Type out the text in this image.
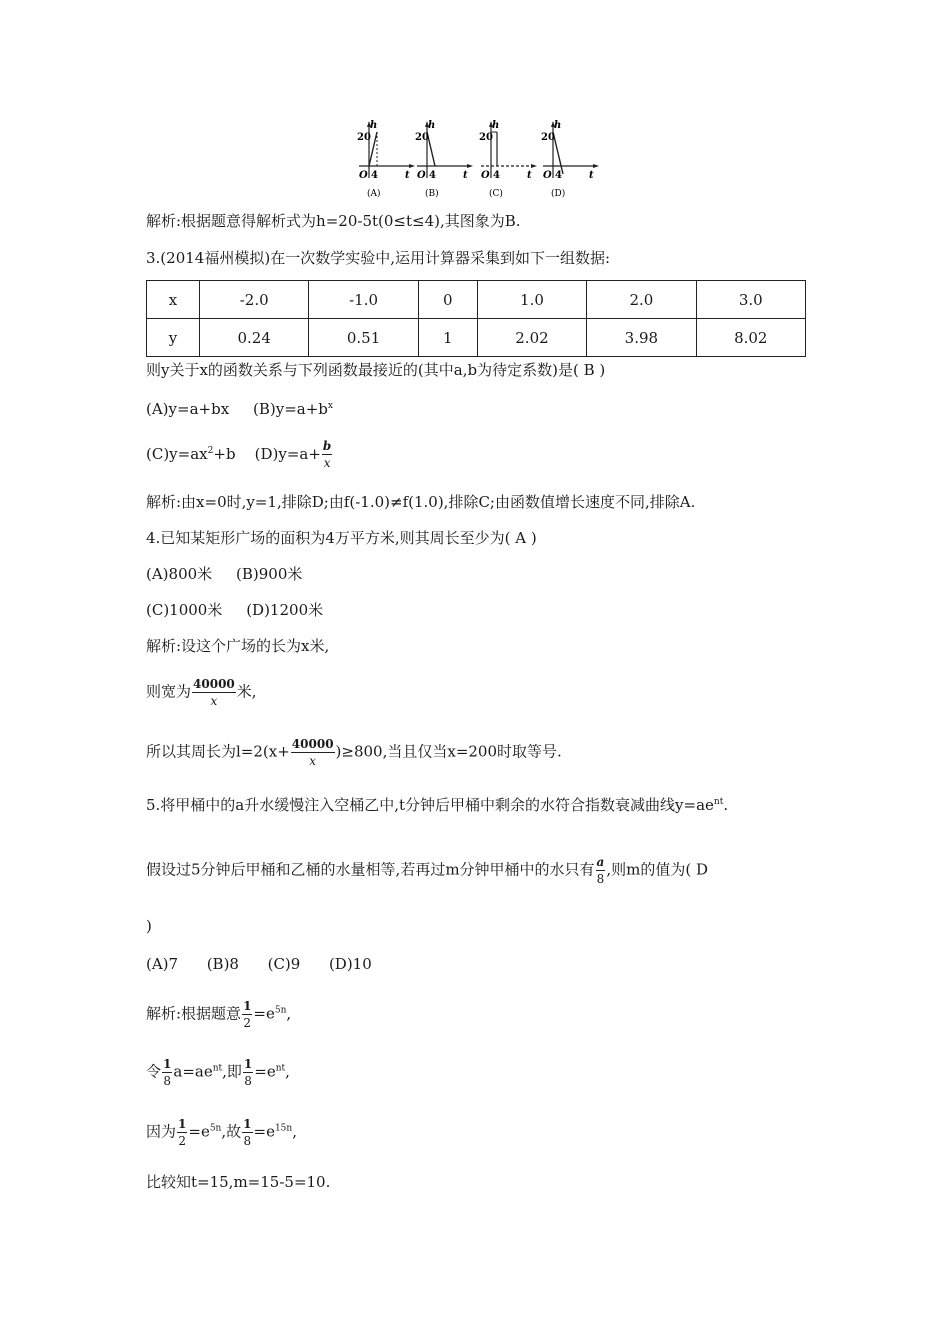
h
20
O 4	t
(A)
h
20
O 4	t
(B)
h
20
O 4	t
(C)
h
20
O 4	t
(D)
解析:根据题意得解析式为h=20-5t(0≤t≤4),其图象为B.
3.(2014福州模拟)在一次数学实验中,运用计算器采集到如下一组数据:
x	-2.0	-1.0	0	1.0	2.0	3.0
y	0.24	0.51	1	2.02	3.98	8.02
则y关于x的函数关系与下列函数最接近的(其中a,b为待定系数)是( B )
(A)y=a+bx $(B)y=a+b^x$
$(C)y=ax^2+b$ $(D)y=a+ \frac{b}{x}$
解析:由x=0时,y=1,排除D;由f(-1.0)≠f(1.0),排除C;由函数值增长速度不同,排除A.
4.已知某矩形广场的面积为4万平方米,则其周长至少为( A )
(A)800米 (B)900米
(C)1000米 (D)1200米
解析:设这个广场的长为x米,
则宽为 $\frac{40000}{x}$ 米,
所以其周长为$l=2(x+ \frac{40000}{x} )\ge 800$,当且仅当x=200时取等号.
5.将甲桶中的a升水缓慢注入空桶乙中,t分钟后甲桶中剩余的水符合指数衰减曲线$y=ae^{nt}$.
假设过5分钟后甲桶和乙桶的水量相等,若再过m分钟甲桶中的水只有 $\frac{a}{8}$ ,则m的值为( D
)
(A)7 (B)8 (C)9 (D)10
解析:根据题意 $\frac{1}{2} =e^{5n}$,
令 $\frac{1}{8} a=ae^{nt}$,即 $\frac{1}{8} =e^{nt}$,
因为 $\frac{1}{2} =e^{5n}$,故 $\frac{1}{8} =e^{15n}$,
比较知t=15,m=15-5=10.
